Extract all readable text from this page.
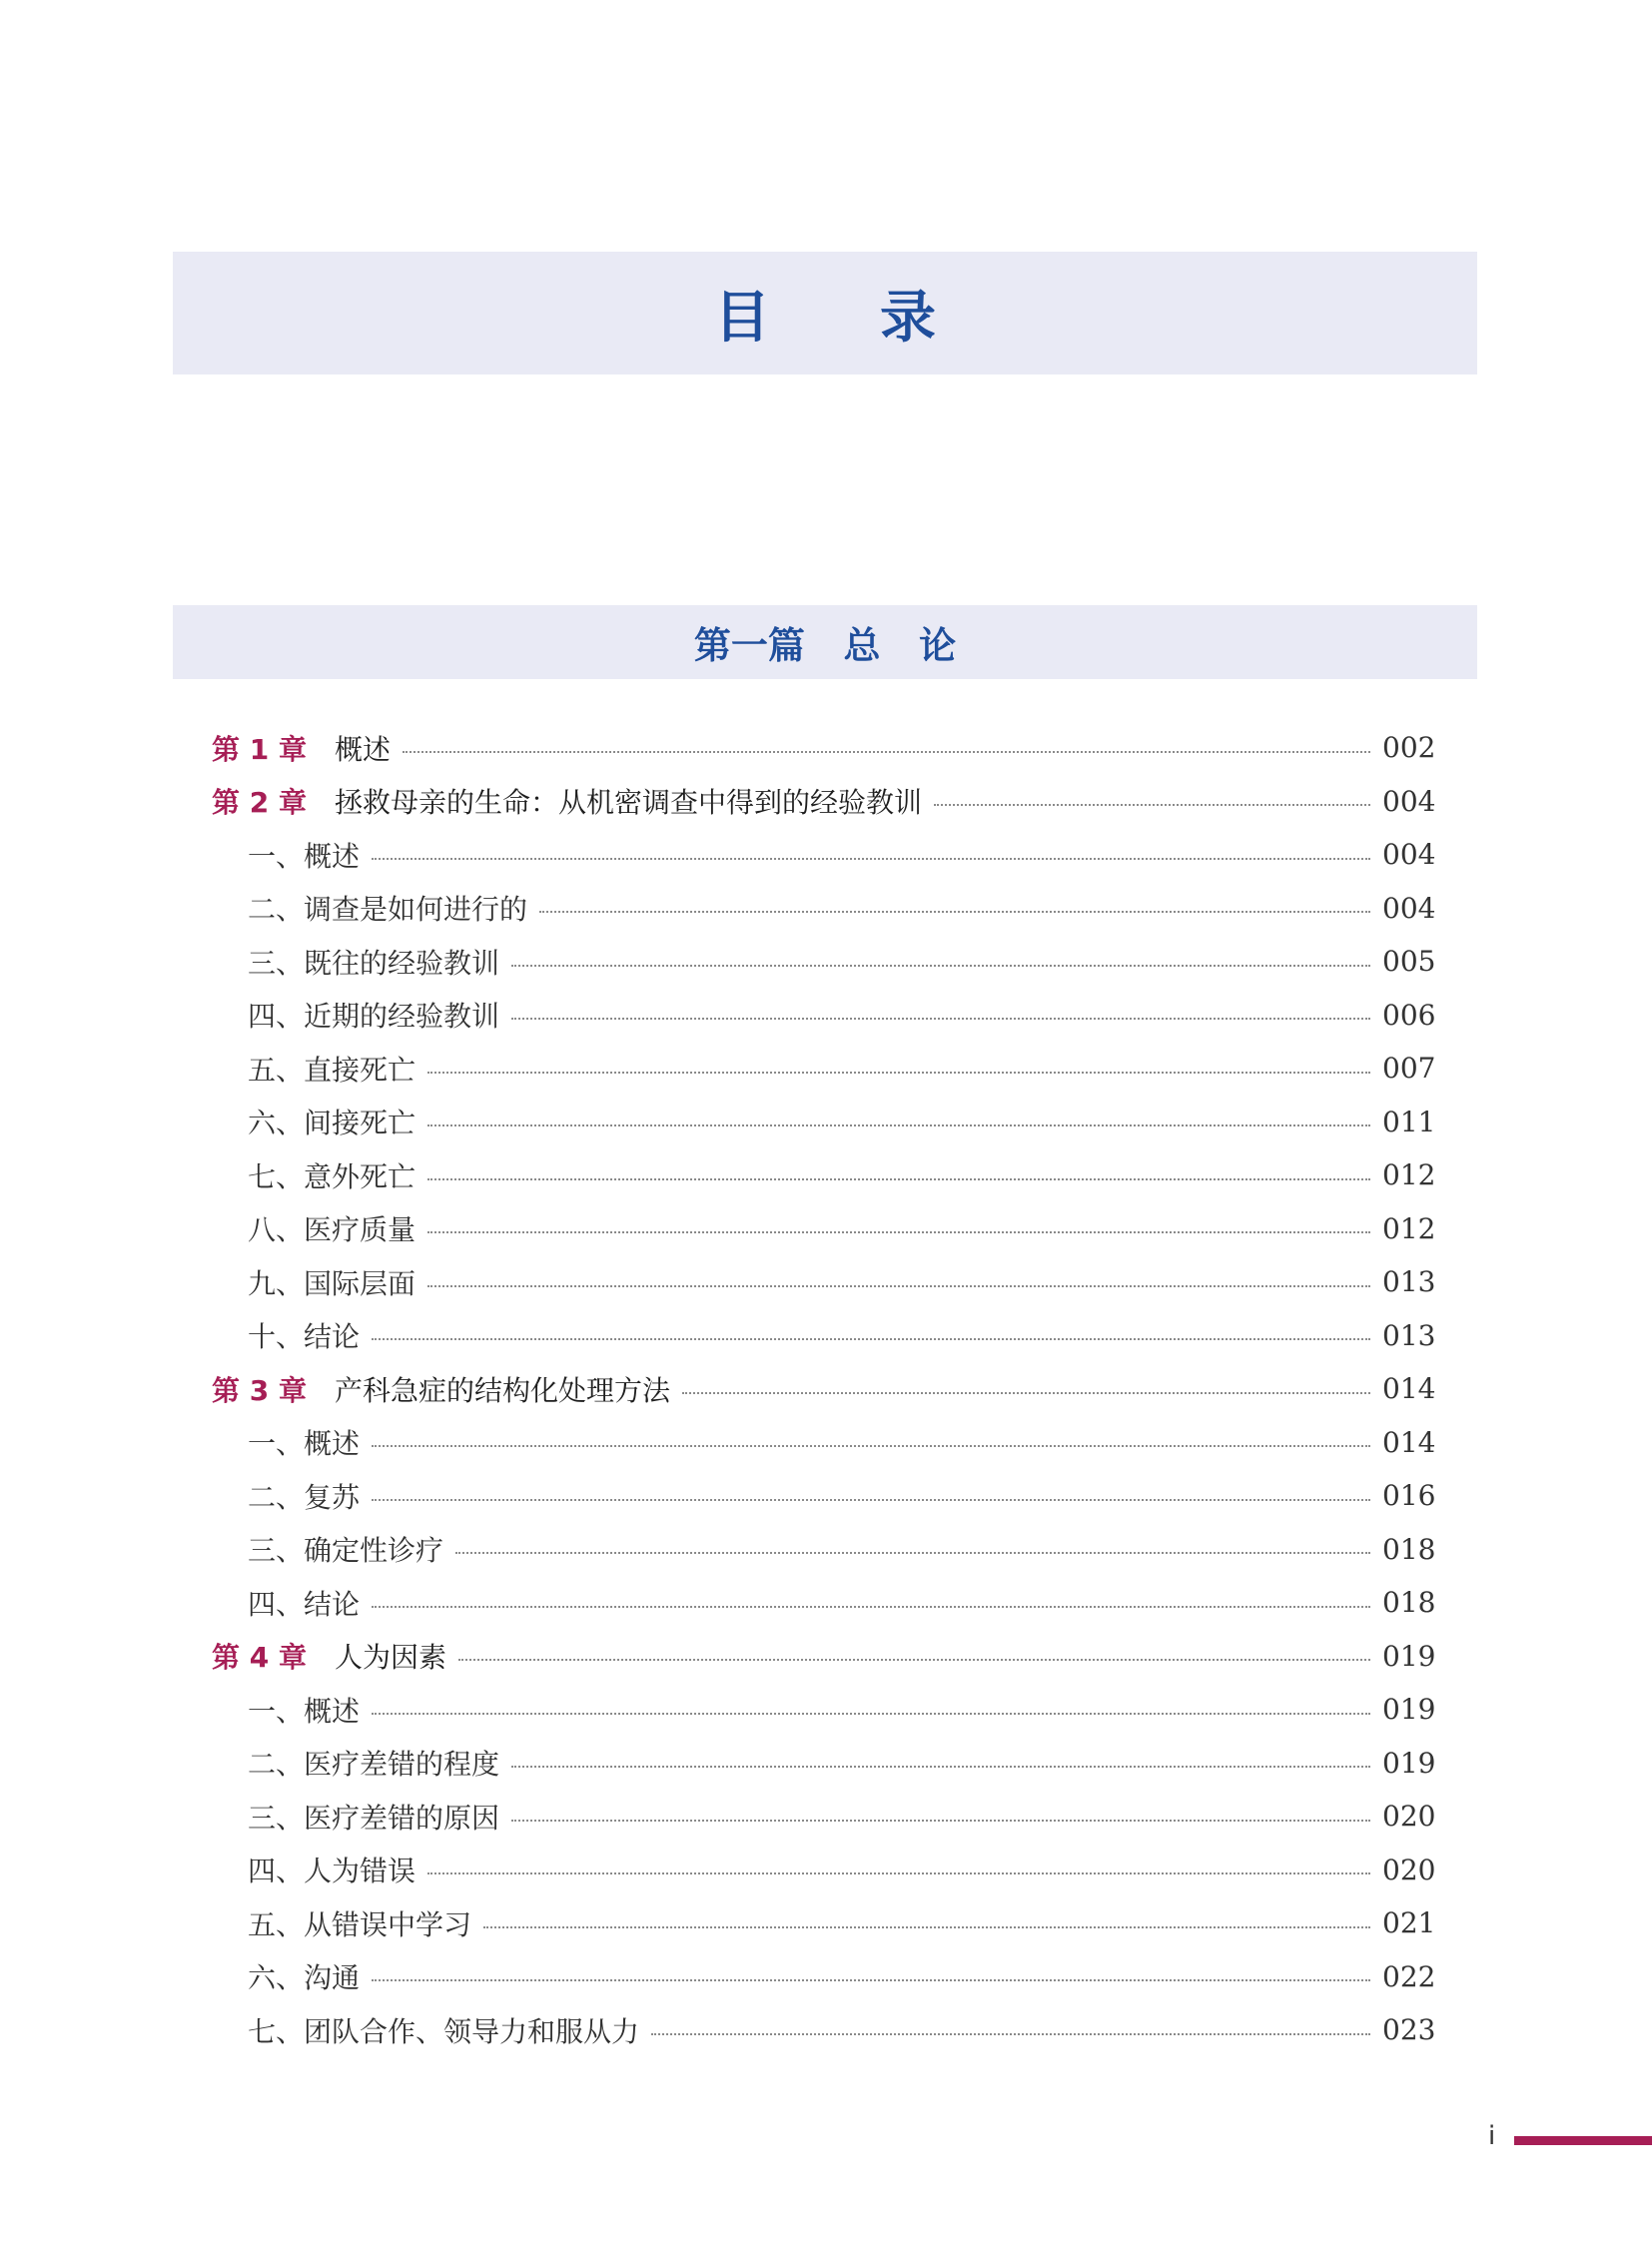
目录
第一篇   总   论
第 1 章 概述	002
第 2 章 拯救母亲的生命：从机密调查中得到的经验教训	004
一、概述	004
二、调查是如何进行的	004
三、既往的经验教训	005
四、近期的经验教训	006
五、直接死亡	007
六、间接死亡	011
七、意外死亡	012
八、医疗质量	012
九、国际层面	013
十、结论	013
第 3 章 产科急症的结构化处理方法	014
一、概述	014
二、复苏	016
三、确定性诊疗	018
四、结论	018
第 4 章 人为因素	019
一、概述	019
二、医疗差错的程度	019
三、医疗差错的原因	020
四、人为错误	020
五、从错误中学习	021
六、沟通	022
七、团队合作、领导力和服从力	023
i
